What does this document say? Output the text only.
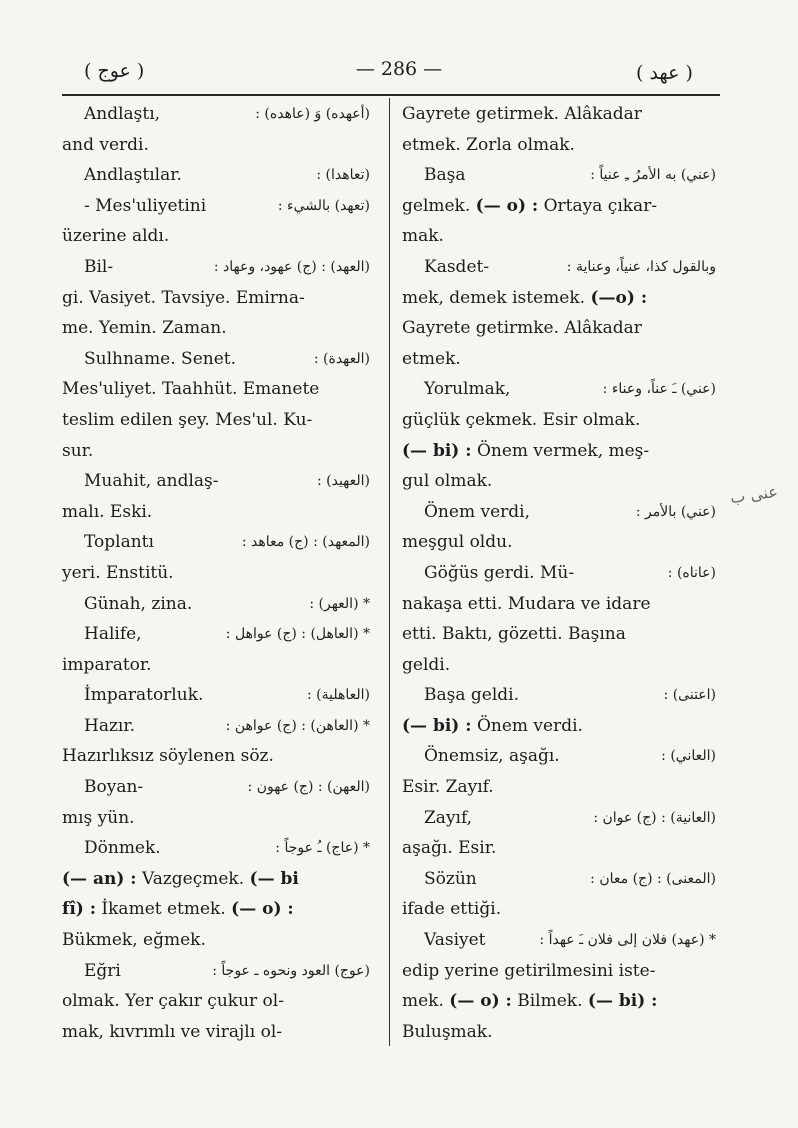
( عوج )	— 286 —	( عهد )
Andlaştı,	(أعهده) وَ (عاهده) :
and verdi.
Andlaştılar.	(تعاهدا) :
- Mes'uliyetini	(تعهد) بالشيء :
üzerine aldı.
Bil-	(العهد) : (ج) عهود، وعهاد :
gi. Vasiyet. Tavsiye. Emirna-
me. Yemin. Zaman.
Sulhname. Senet.	(العهدة) :
Mes'uliyet. Taahhüt. Emanete
teslim edilen şey. Mes'ul. Ku-
sur.
Muahit, andlaş-	(العهيد) :
malı. Eski.
Toplantı	(المعهد) : (ج) معاهد :
yeri. Enstitü.
Günah, zina.	* (العهر) :
Halife,	* (العاهل) : (ج) عواهل :
imparator.
İmparatorluk.	(العاهلية) :
Hazır.	* (العاهن) : (ج) عواهن :
Hazırlıksız söylenen söz.
Boyan-	(العهن) : (ج) عهون :
mış yün.
Dönmek.	* (عاج) ـُ عوجاً :
(— an) : Vazgeçmek. (— bi
fî) : İkamet etmek. (— o) :
Bükmek, eğmek.
Eğri	(عوج) العود ونحوه ـ عوجاً :
olmak. Yer çakır çukur ol-
mak, kıvrımlı ve virajlı ol-
Gayrete getirmek. Alâkadar
etmek. Zorla olmak.
Başa	(عني) به الأمرُ ـِ عنياً :
gelmek. (— o) : Ortaya çıkar-
mak.
Kasdet-	وبالقول كذا، عنياً، وعناية :
mek, demek istemek. (—o) :
Gayrete getirmke. Alâkadar
etmek.
Yorulmak,	(عني) ـَ عناً، وعناء :
güçlük çekmek. Esir olmak.
(— bi) : Önem vermek, meş-
gul olmak.
Önem verdi,	(عني) بالأمر :
meşgul oldu.
Göğüs gerdi. Mü-	(عاناه) :
nakaşa etti. Mudara ve idare
etti. Baktı, gözetti. Başına
geldi.
Başa geldi.	(اعتنى) :
(— bi) : Önem verdi.
Önemsiz, aşağı.	(العاني) :
Esir. Zayıf.
Zayıf,	(العانية) : (ج) عوان :
aşağı. Esir.
Sözün	(المعنى) : (ج) معان :
ifade ettiği.
Vasiyet	* (عهد) فلان إلى فلان ـَ عهداً :
edip yerine getirilmesini iste-
mek. (— o) : Bilmek. (— bi) :
Buluşmak.
عنى ب
